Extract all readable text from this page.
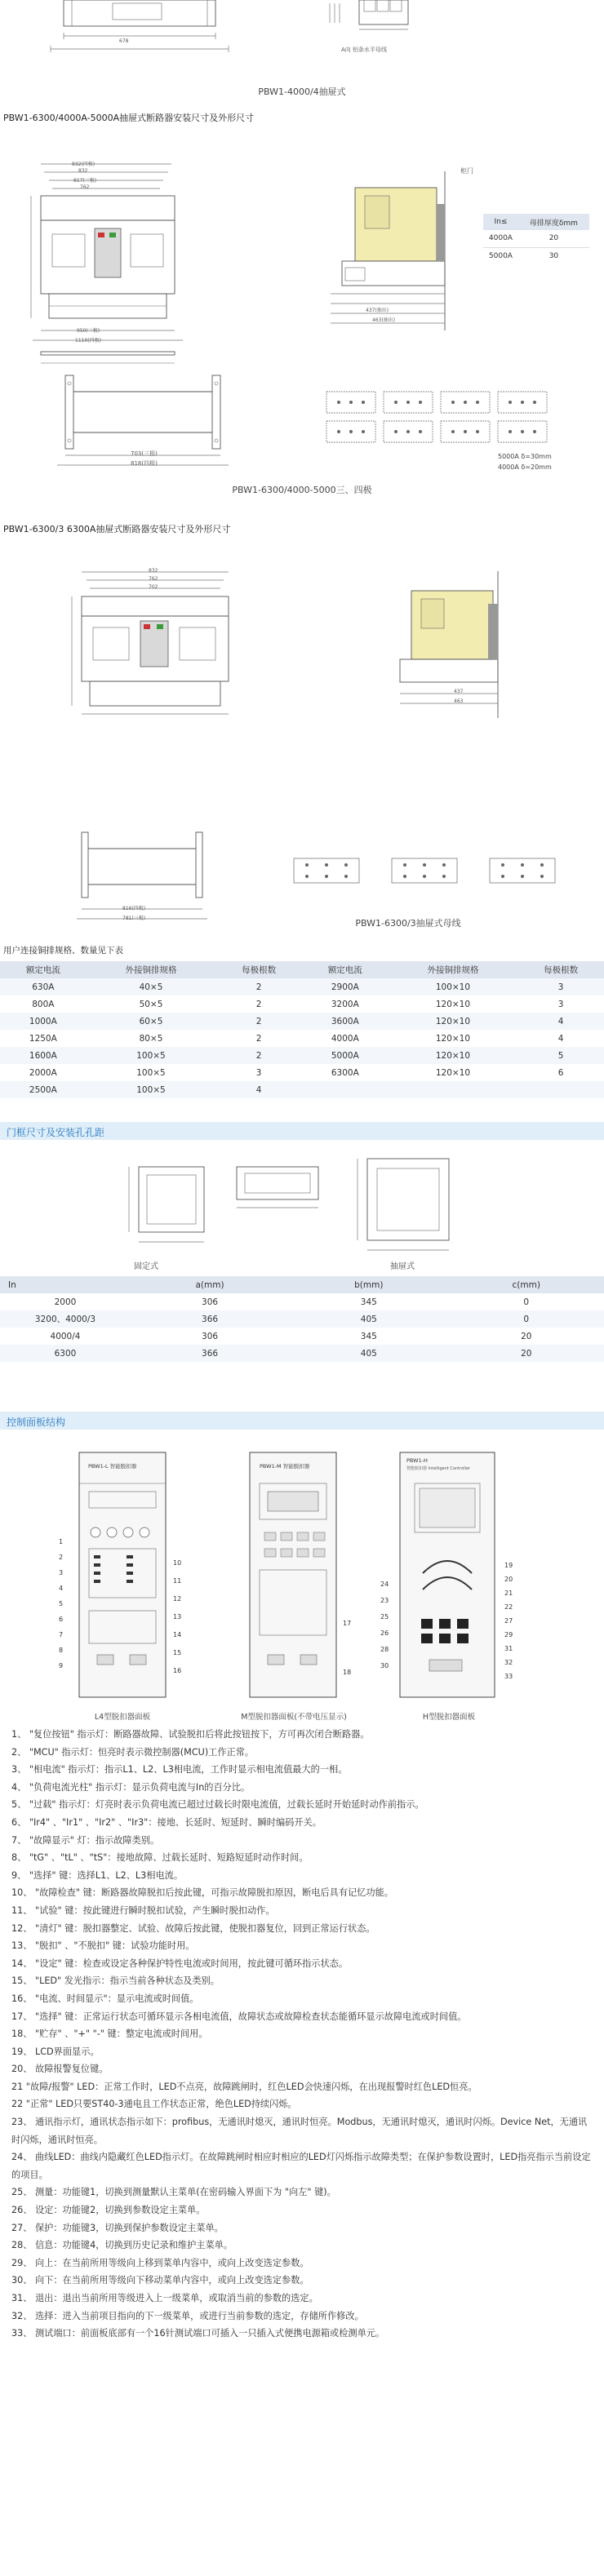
678
A向 铝条水平母线
PBW1-4000/4抽屉式
PBW1-6300/4000A-5000A抽屉式断路器安装尺寸及外形尺寸
832(四极)
832
817(三极)
762
950(三极)
1110(四极)
柜门
437(抽出)
463(抽出)
In≤	母排厚度δmm
4000A	20
5000A	30
703(三极)
818(四极)
5000A δ=30mm
4000A δ=20mm
PBW1-6300/4000-5000三、四极
PBW1-6300/3 6300A抽屉式断路器安装尺寸及外形尺寸
832
762
702
437
463
816(四极)
781(三极)	PBW1-6300/3抽屉式母线
用户连接铜排规格、数量见下表
额定电流	外接铜排规格	每极根数	额定电流	外接铜排规格	每极根数
630A	40×5	2	2900A	100×10	3
800A	50×5	2	3200A	120×10	3
1000A	60×5	2	3600A	120×10	4
1250A	80×5	2	4000A	120×10	4
1600A	100×5	2	5000A	120×10	5
2000A	100×5	3	6300A	120×10	6
2500A	100×5	4			
门框尺寸及安装孔孔距
固定式	抽屉式
In	a(mm)	b(mm)	c(mm)
2000	306	345	0
3200、4000/3	366	405	0
4000/4	306	345	20
6300	366	405	20
控制面板结构
PBW1-L 智能脱扣器
L4型脱扣器面板
PBW1-M 智能脱扣器
M型脱扣器面板(不带电压显示)
PBW1-H
智能脱扣器 Intelligent Controller
H型脱扣器面板
1
2
3
4
5
6
7
8
9
10
11
12
13
14
15
16
17
18
24
23
25
26
28
30
19
20
21
22
27
29
31
32
33
1、 "复位按钮" 指示灯：断路器故障、试验脱扣后将此按钮按下，方可再次闭合断路器。
2、 "MCU" 指示灯：恒亮时表示微控制器(MCU)工作正常。
3、 "相电流" 指示灯：指示L1、L2、L3相电流，工作时显示相电流值最大的一相。
4、 "负荷电流光柱" 指示灯：显示负荷电流与In的百分比。
5、 "过载" 指示灯：灯亮时表示负荷电流已超过过载长时限电流值，过载长延时开始延时动作前指示。
6、 "Ir4" 、"Ir1" 、"Ir2" 、"Ir3"：接地、长延时、短延时、瞬时编码开关。
7、 "故障显示" 灯：指示故障类别。
8、 "tG" 、"tL" 、"tS"：接地故障、过载长延时、短路短延时动作时间。
9、 "选择" 键：选择L1、L2、L3相电流。
10、 "故障检查" 键：断路器故障脱扣后按此键，可指示故障脱扣原因，断电后具有记忆功能。
11、 "试验" 键：按此键进行瞬时脱扣试验，产生瞬时脱扣动作。
12、 "清灯" 键：脱扣器整定、试验、故障后按此键，使脱扣器复位，回到正常运行状态。
13、 "脱扣" 、"不脱扣" 键：试验功能时用。
14、 "设定" 键：检查或设定各种保护特性电流或时间用，按此键可循环指示状态。
15、 "LED" 发光指示：指示当前各种状态及类别。
16、 "电流、时间显示"：显示电流或时间值。
17、 "选择" 键：正常运行状态可循环显示各相电流值，故障状态或故障检查状态能循环显示故障电流或时间值。
18、 "贮存" 、"+" "-" 键：整定电流或时间用。
19、 LCD界面显示。
20、 故障报警复位键。
21 "故障/报警" LED：正常工作时，LED不点亮，故障跳闸时，红色LED会快速闪烁，在出现报警时红色LED恒亮。
22 "正常" LED只要ST40-3通电且工作状态正常，绝色LED持续闪烁。
23、 通讯指示灯，通讯状态指示如下：profibus，无通讯时熄灭，通讯时恒亮。Modbus，无通讯时熄灭，通讯时闪烁。Device Net，无通讯时闪烁，通讯时恒亮。
24、 曲线LED：曲线内隐藏红色LED指示灯。在故障跳闸时相应时相应的LED灯闪烁指示故障类型；在保护参数设置时，LED指亮指示当前设定的项目。
25、 测量：功能键1，切换到测量默认主菜单(在密码输入界面下为 "向左" 键)。
26、 设定：功能键2，切换到参数设定主菜单。
27、 保护：功能键3，切换到保护参数设定主菜单。
28、 信息：功能键4，切换到历史记录和维护主菜单。
29、 向上：在当前所用等级向上移到菜单内容中，或向上改变选定参数。
30、 向下：在当前所用等级向下移动菜单内容中，或向上改变选定参数。
31、 退出：退出当前所用等级进入上一级菜单，或取消当前的参数的选定。
32、 选择：进入当前项目指向的下一级菜单，或进行当前参数的选定，存储所作修改。
33、 测试端口：前面板底部有一个16针测试端口可插入一只插入式便携电源箱或检测单元。
